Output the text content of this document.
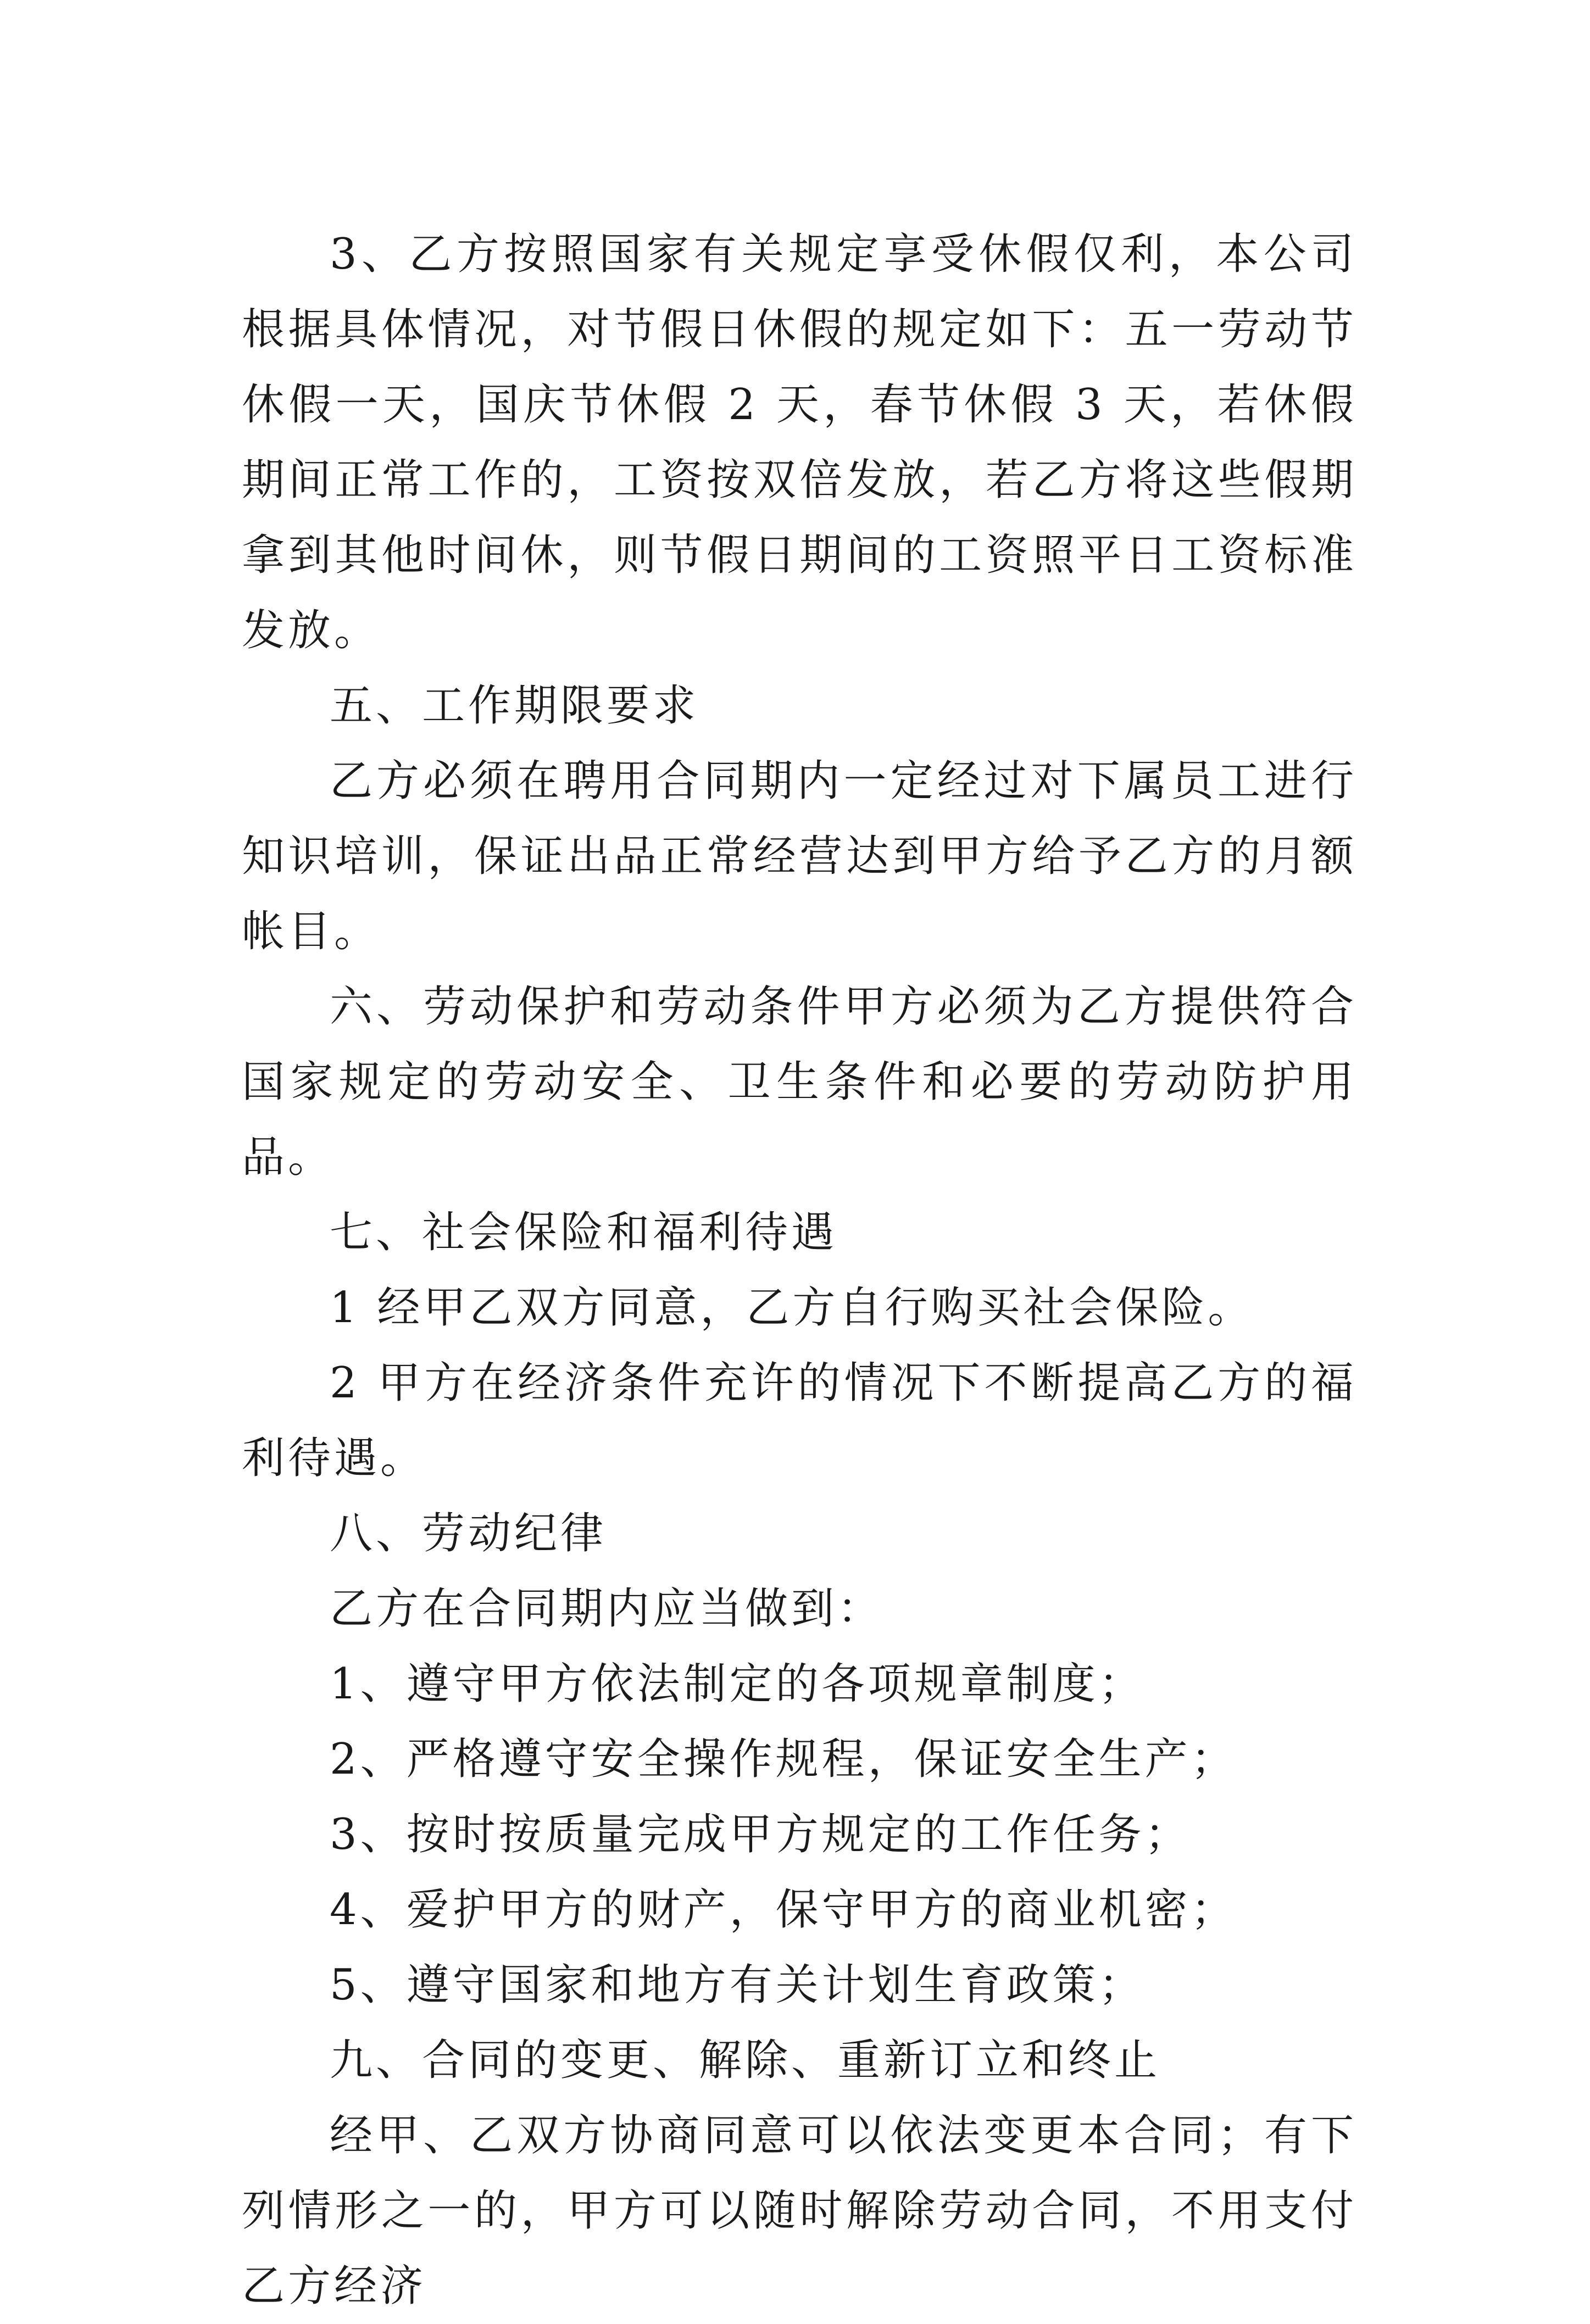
3、乙方按照国家有关规定享受休假仅利，本公司根据具体情况，对节假日休假的规定如下：五一劳动节休假一天，国庆节休假 2 天，春节休假 3 天，若休假期间正常工作的，工资按双倍发放，若乙方将这些假期拿到其他时间休，则节假日期间的工资照平日工资标准发放。

五、工作期限要求

乙方必须在聘用合同期内一定经过对下属员工进行知识培训，保证出品正常经营达到甲方给予乙方的月额帐目。

六、劳动保护和劳动条件甲方必须为乙方提供符合国家规定的劳动安全、卫生条件和必要的劳动防护用品。

七、社会保险和福利待遇

1 经甲乙双方同意，乙方自行购买社会保险。

2 甲方在经济条件充许的情况下不断提高乙方的福利待遇。

八、劳动纪律

乙方在合同期内应当做到：

1、遵守甲方依法制定的各项规章制度；

2、严格遵守安全操作规程，保证安全生产；

3、按时按质量完成甲方规定的工作任务；

4、爱护甲方的财产，保守甲方的商业机密；

5、遵守国家和地方有关计划生育政策；

九、合同的变更、解除、重新订立和终止

经甲、乙双方协商同意可以依法变更本合同；有下列情形之一的，甲方可以随时解除劳动合同，不用支付乙方经济
